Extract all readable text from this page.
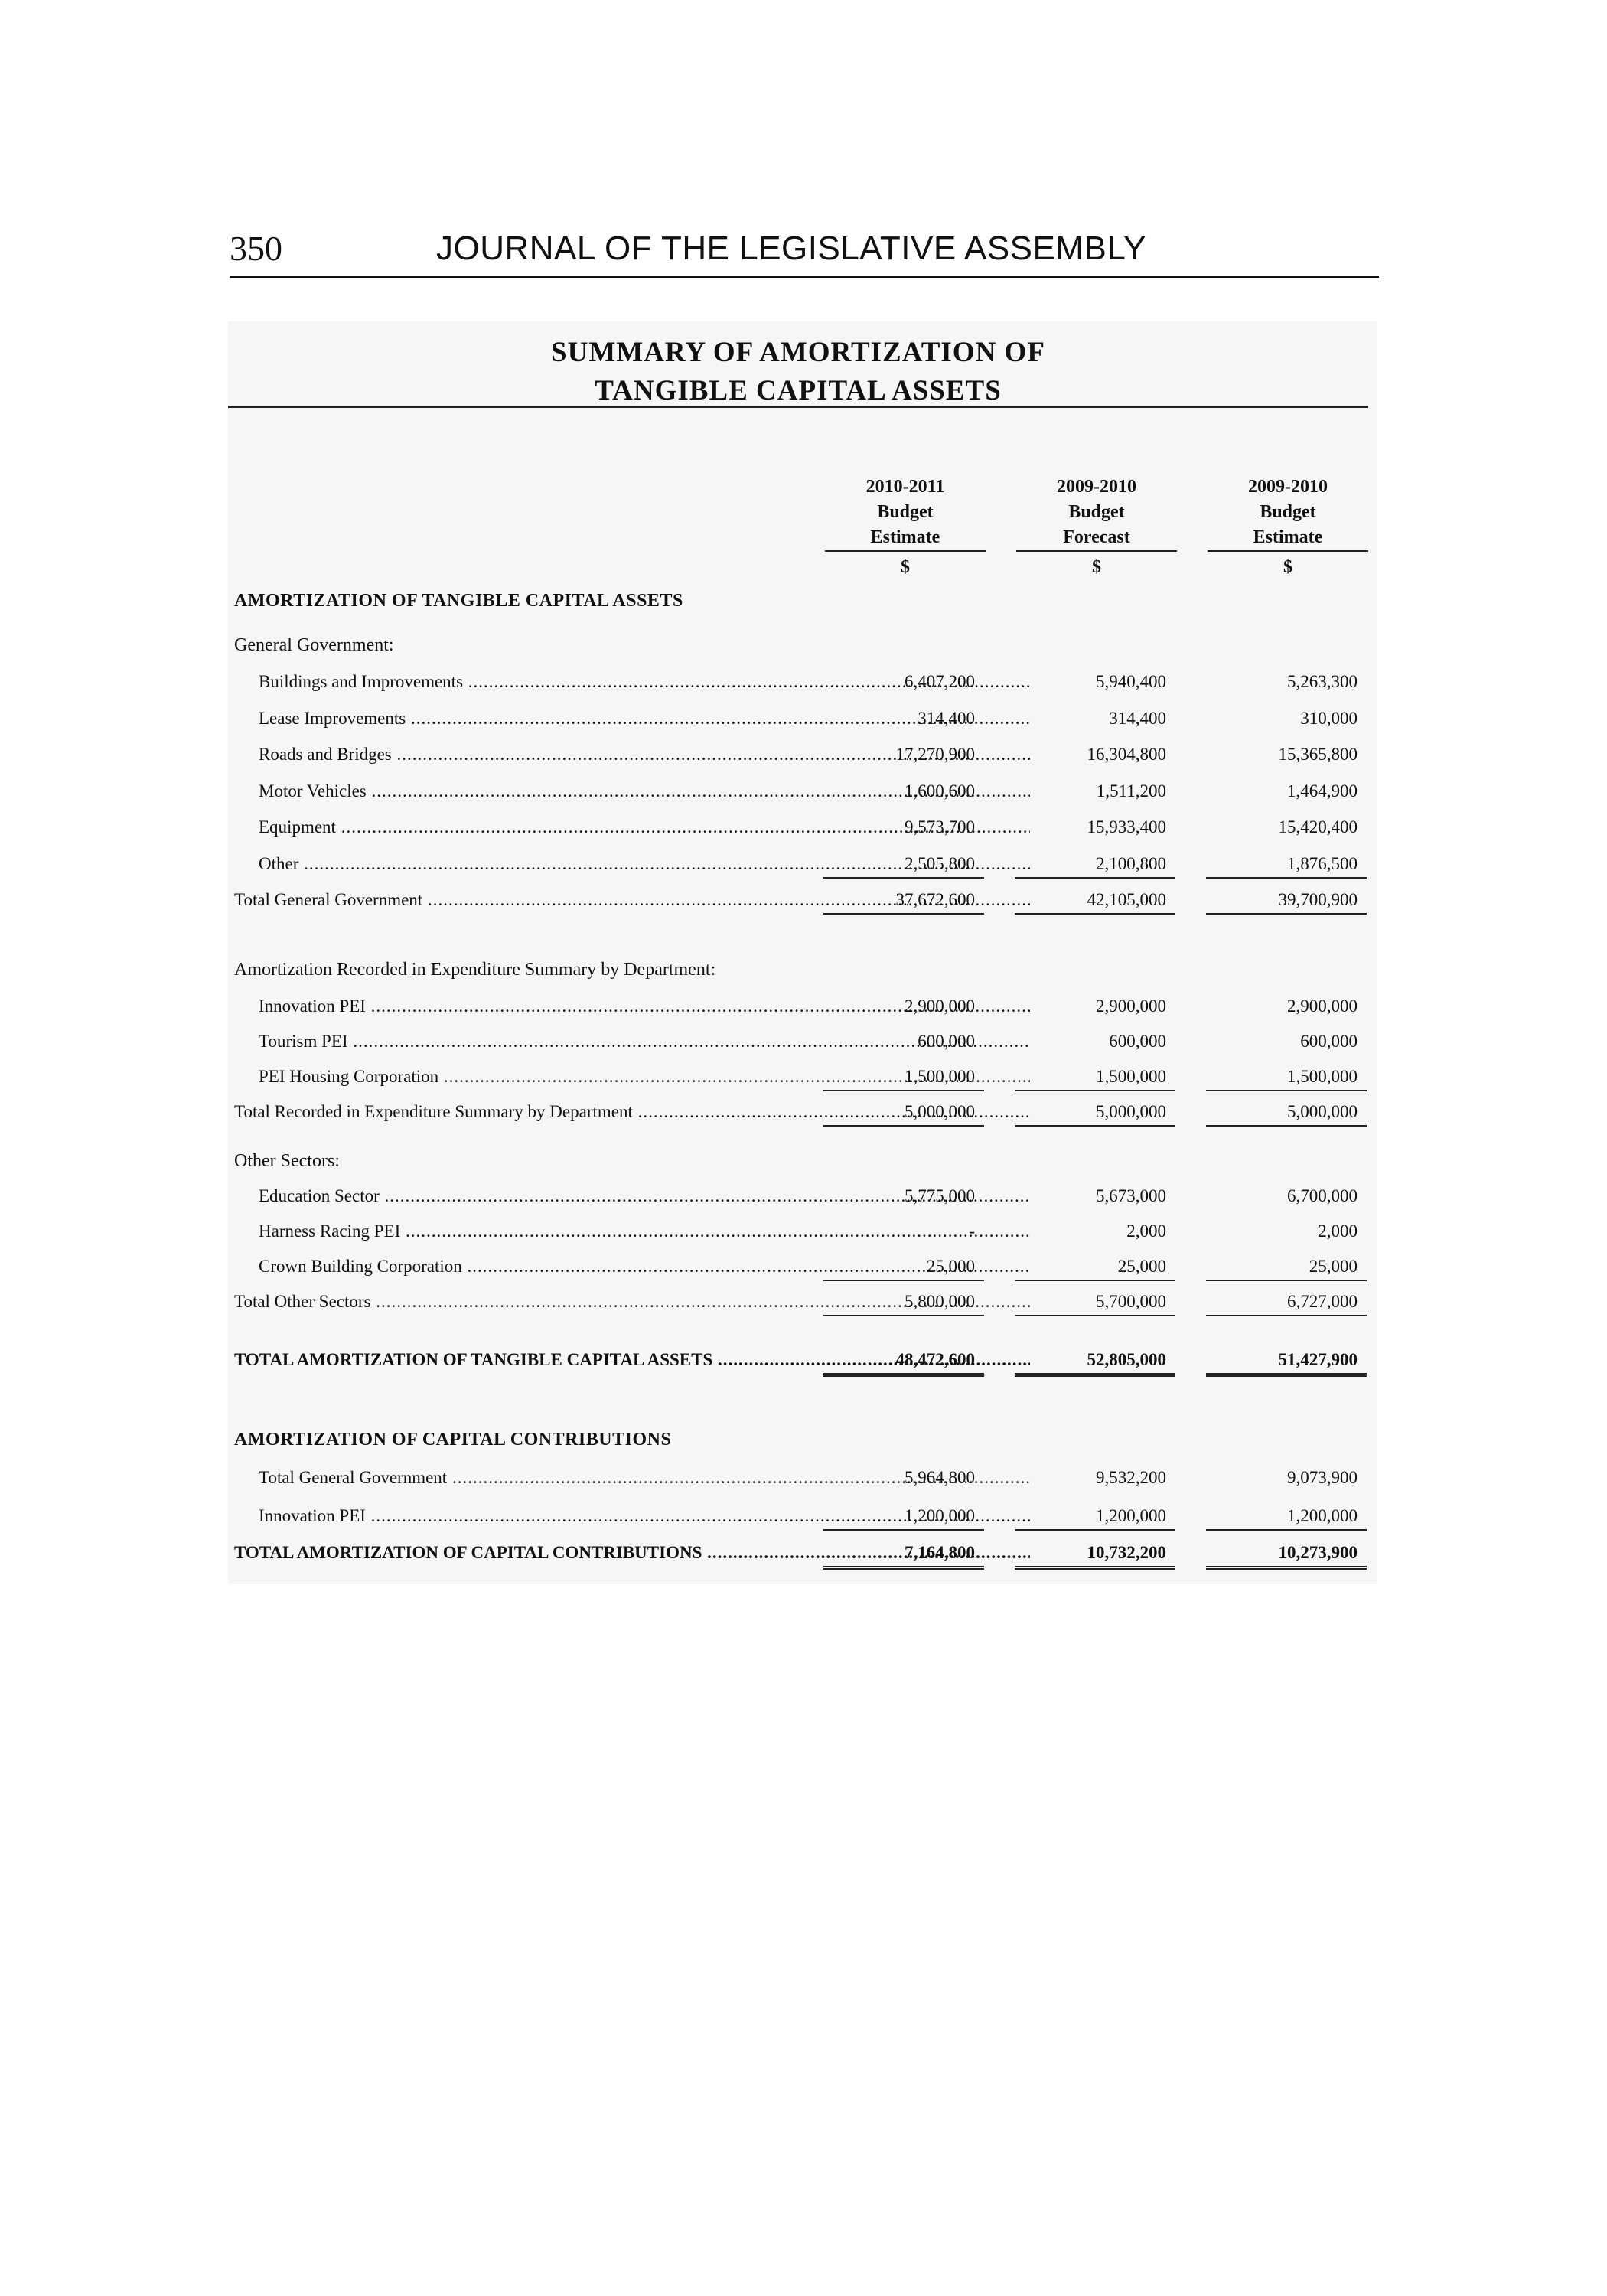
350	JOURNAL OF THE LEGISLATIVE ASSEMBLY
SUMMARY OF AMORTIZATION OF
TANGIBLE CAPITAL ASSETS
2010-2011
Budget

Estimate
$
2009-2010
Budget

Forecast
$
2009-2010
Budget

Estimate
$
AMORTIZATION OF TANGIBLE CAPITAL ASSETS
General Government:
Buildings and Improvements .....	6,407,200	5,940,400	5,263,300
Lease Improvements .....	314,400	314,400	310,000
Roads and Bridges .....	17,270,900	16,304,800	15,365,800
Motor Vehicles .....	1,600,600	1,511,200	1,464,900
Equipment .....	9,573,700	15,933,400	15,420,400
Other .....	2,505,800	2,100,800	1,876,500
Total General Government .....	37,672,600	42,105,000	39,700,900
Amortization Recorded in Expenditure Summary by Department:
Innovation PEI .....	2,900,000	2,900,000	2,900,000
Tourism PEI .....	600,000	600,000	600,000
PEI Housing Corporation .....	1,500,000	1,500,000	1,500,000
Total Recorded in Expenditure Summary by Department .....	5,000,000	5,000,000	5,000,000
Other Sectors:
Education Sector .....	5,775,000	5,673,000	6,700,000
Harness Racing PEI .....	-	2,000	2,000
Crown Building Corporation .....	25,000	25,000	25,000
Total Other Sectors .....	5,800,000	5,700,000	6,727,000
TOTAL AMORTIZATION OF TANGIBLE CAPITAL ASSETS .....	48,472,600	52,805,000	51,427,900
AMORTIZATION OF CAPITAL CONTRIBUTIONS
Total General Government .....	5,964,800	9,532,200	9,073,900
Innovation PEI .....	1,200,000	1,200,000	1,200,000
TOTAL AMORTIZATION OF CAPITAL CONTRIBUTIONS .....	7,164,800	10,732,200	10,273,900
